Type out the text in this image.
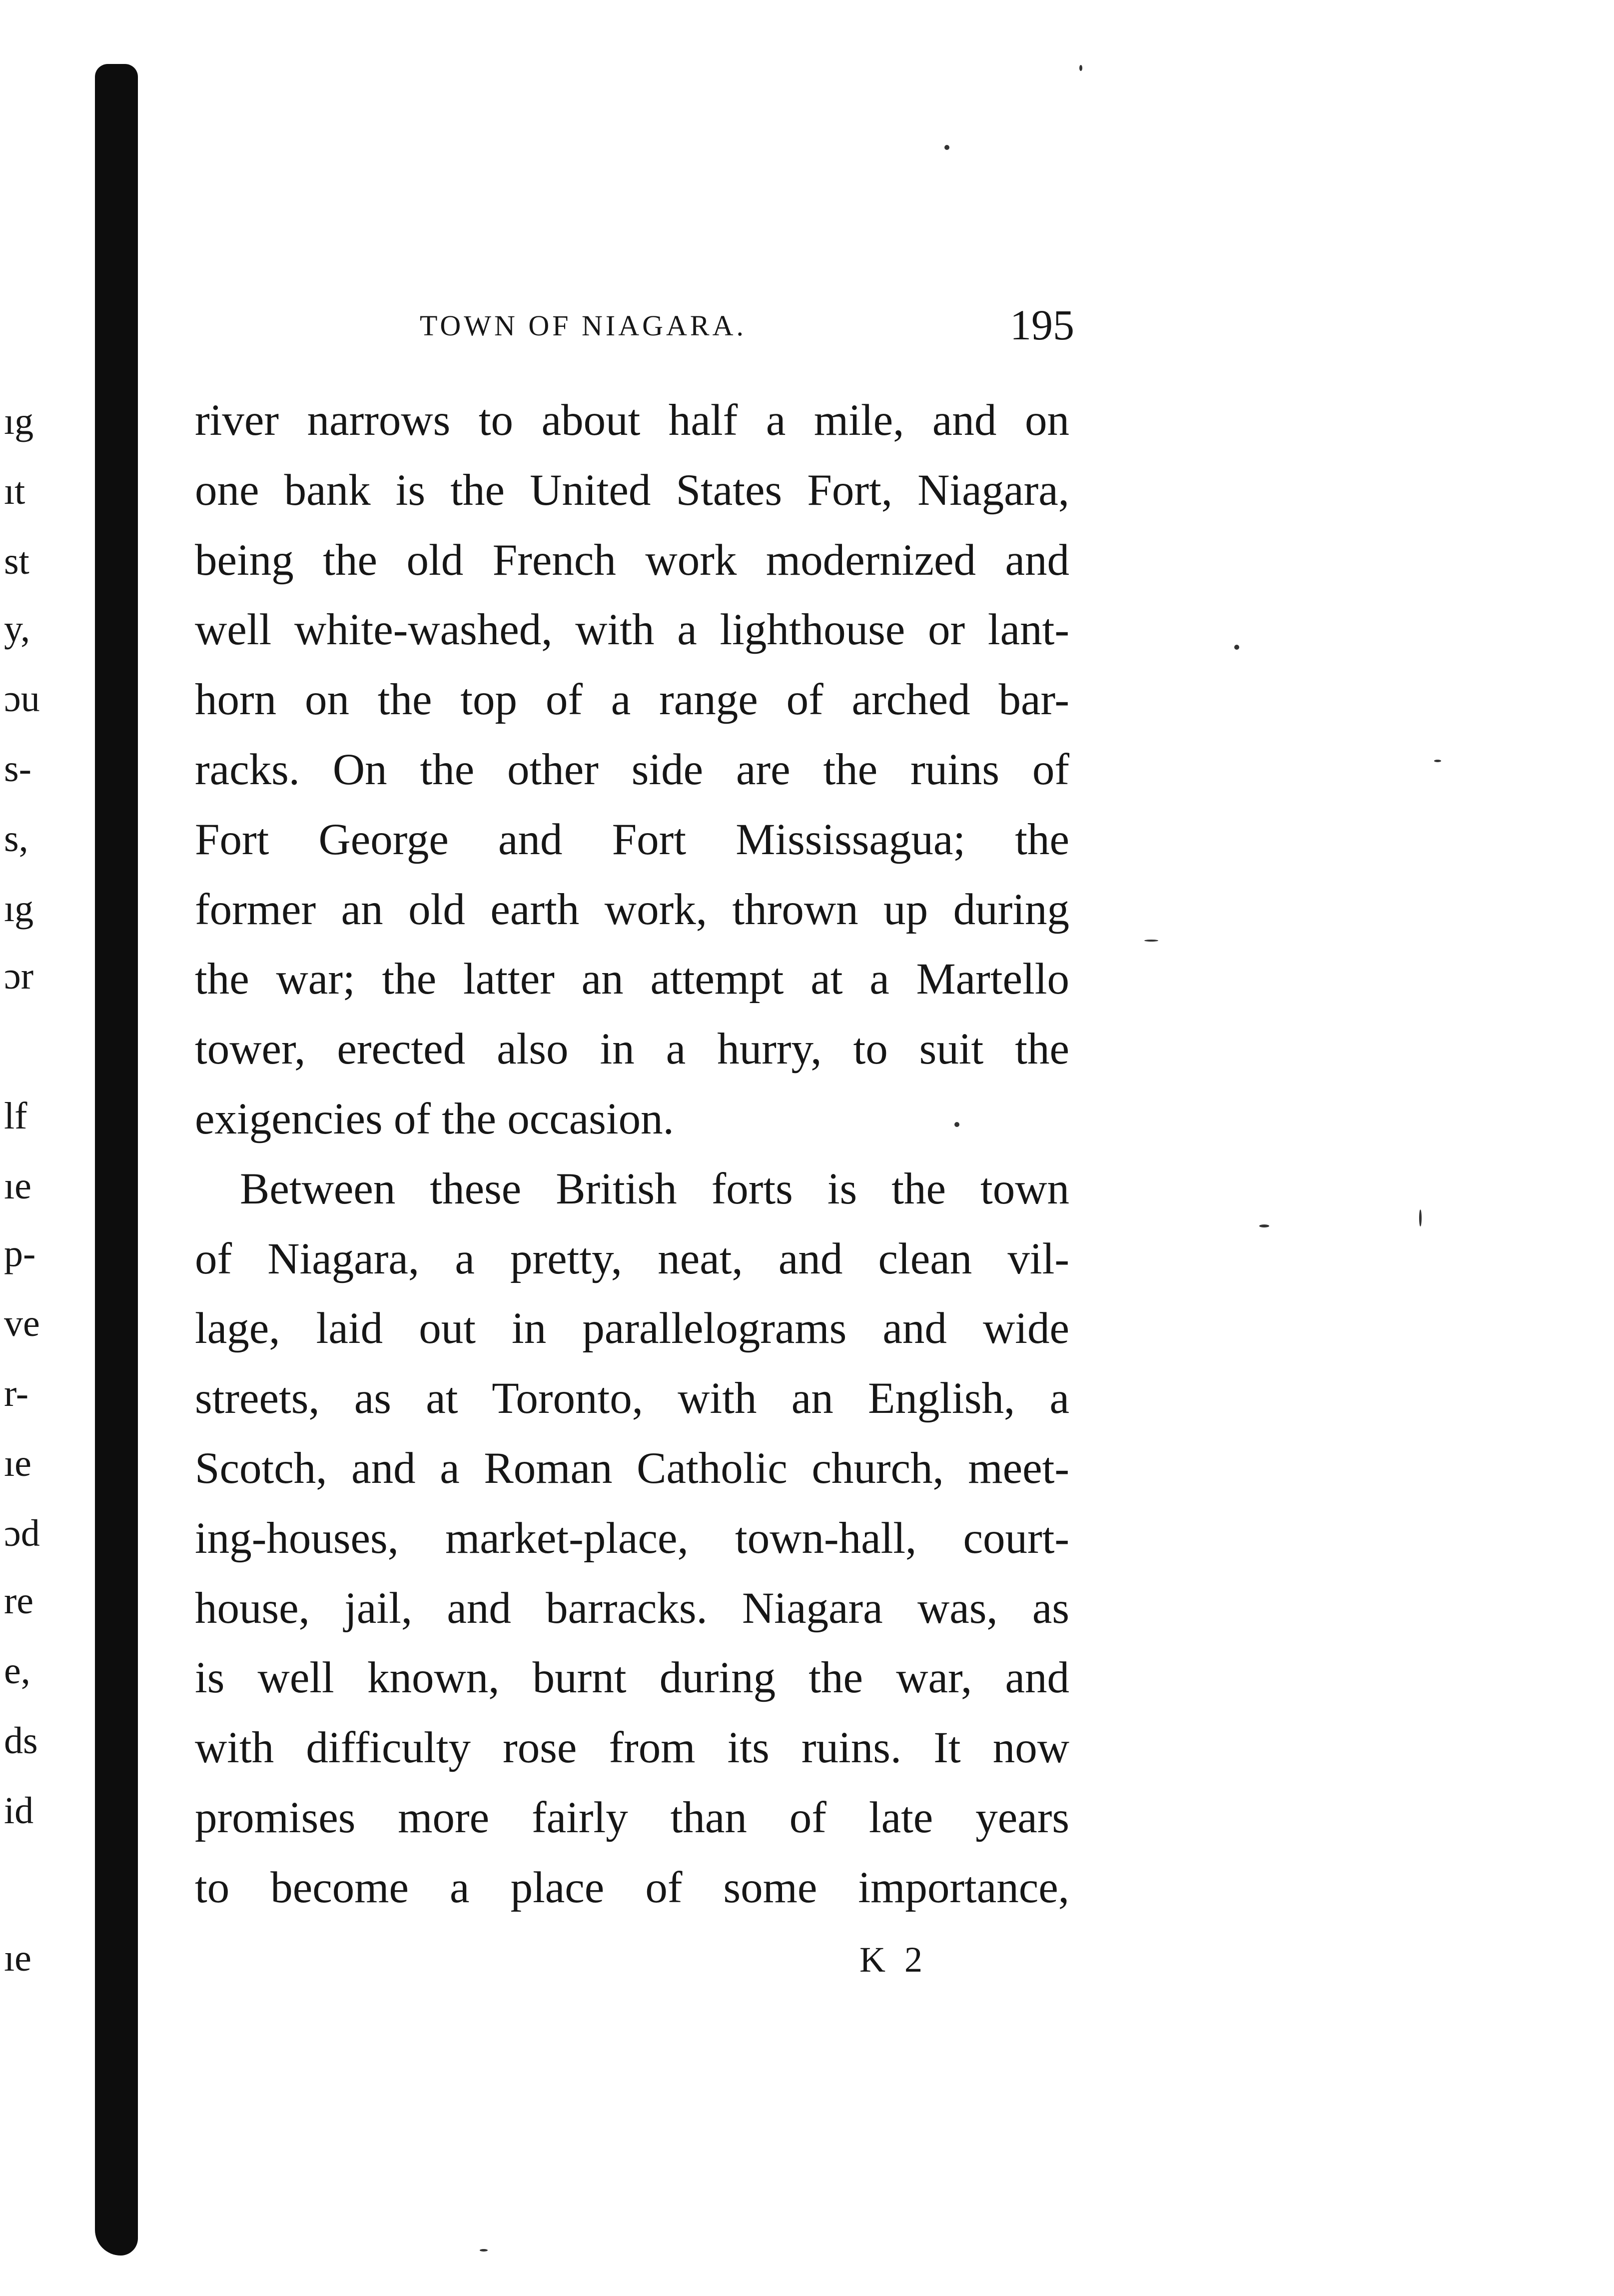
ıg
ıt
st
y,
ɔu
s-
s,
ıg
ɔr
lf
ıe
p-
ve
r-
ıe
ɔd
re
e,
ds
id
ıe
TOWN OF NIAGARA.	195
river narrows to about half a mile, and on
one bank is the United States Fort, Niagara,
being the old French work modernized and
well white-washed, with a lighthouse or lant-
horn on the top of a range of arched bar-
racks. On the other side are the ruins of
Fort George and Fort Mississagua; the
former an old earth work, thrown up during
the war; the latter an attempt at a Martello
tower, erected also in a hurry, to suit the
exigencies of the occasion.
Between these British forts is the town
of Niagara, a pretty, neat, and clean vil-
lage, laid out in parallelograms and wide
streets, as at Toronto, with an English, a
Scotch, and a Roman Catholic church, meet-
ing-houses, market-place, town-hall, court-
house, jail, and barracks. Niagara was, as
is well known, burnt during the war, and
with difficulty rose from its ruins. It now
promises more fairly than of late years
to become a place of some importance,
K 2
